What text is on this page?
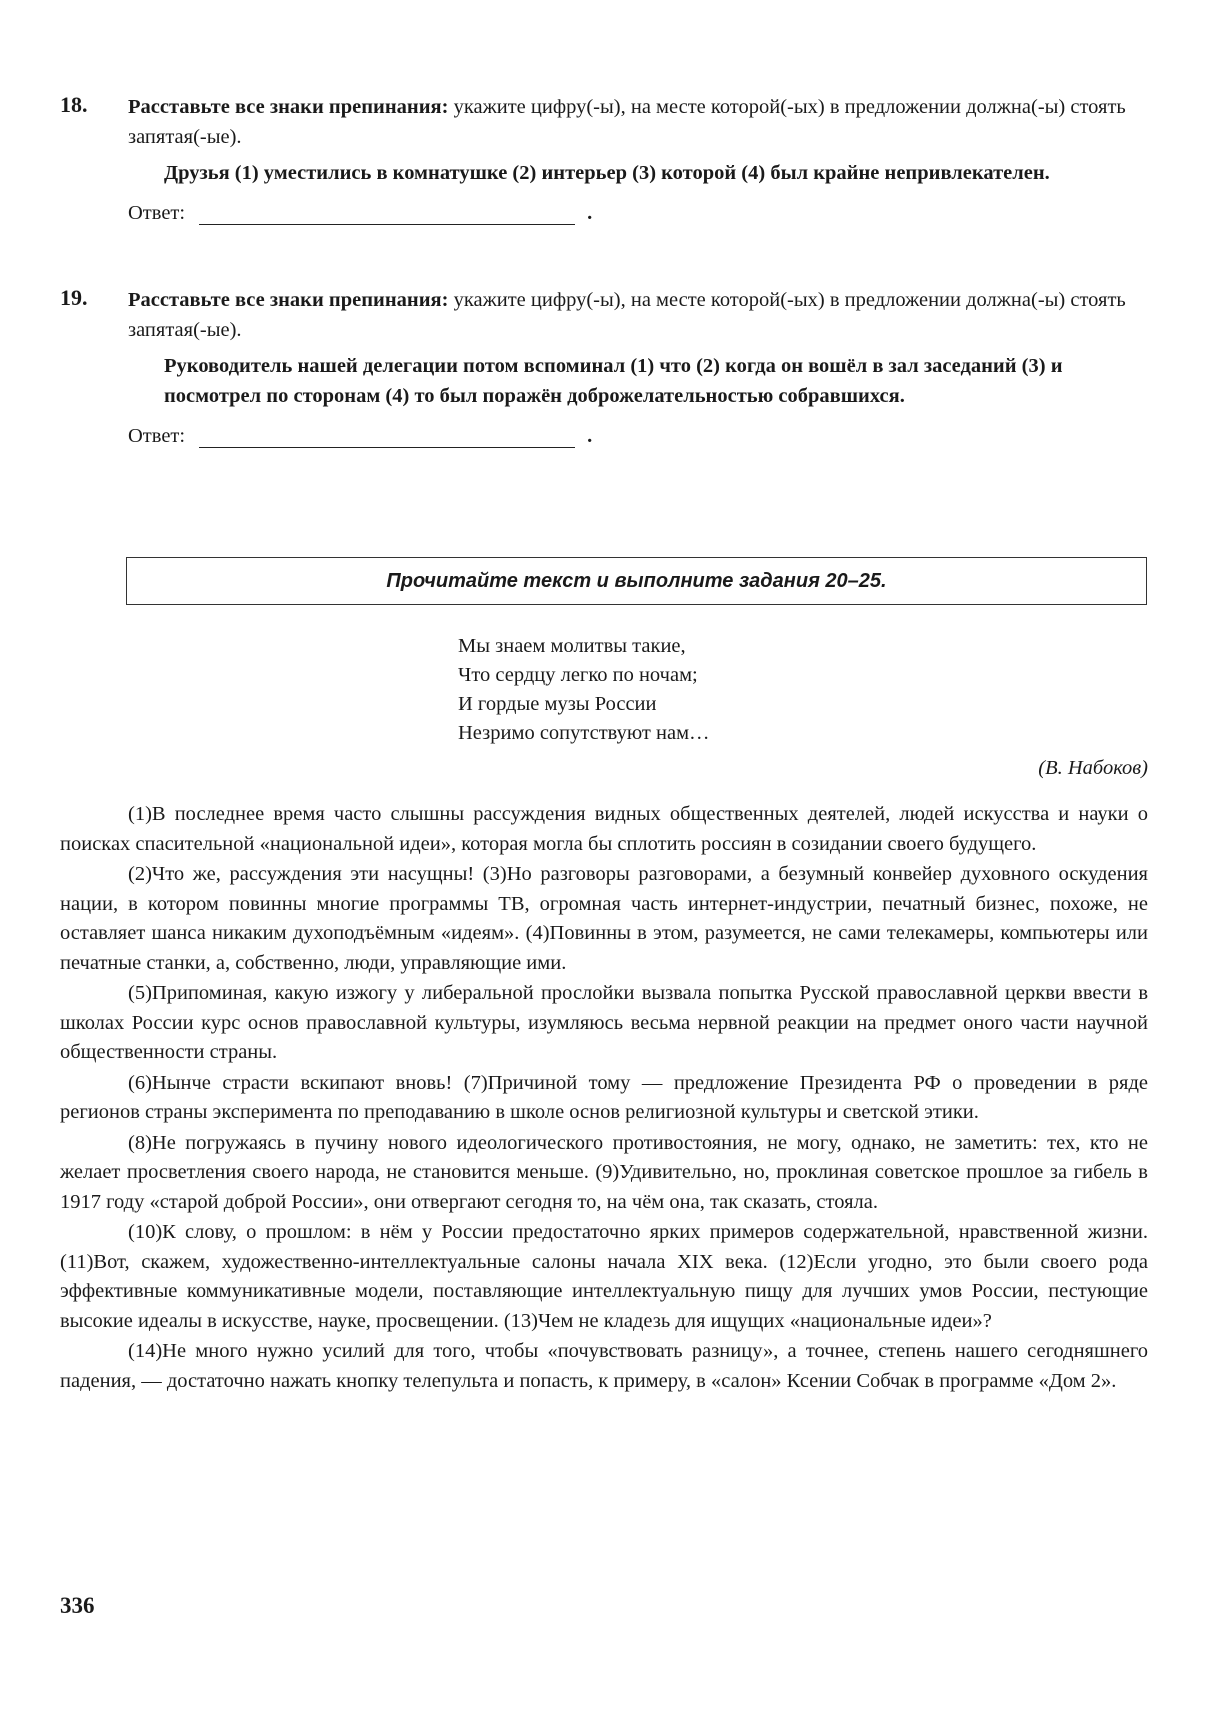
18. Расставьте все знаки препинания: укажите цифру(-ы), на месте которой(-ых) в предложении должна(-ы) стоять запятая(-ые).
Друзья (1) уместились в комнатушке (2) интерьер (3) которой (4) был крайне непривлекателен.
Ответ:	.
19. Расставьте все знаки препинания: укажите цифру(-ы), на месте которой(-ых) в предложении должна(-ы) стоять запятая(-ые).
Руководитель нашей делегации потом вспоминал (1) что (2) когда он вошёл в зал заседаний (3) и посмотрел по сторонам (4) то был поражён доброжелательностью собравшихся.
Ответ:	.
Прочитайте текст и выполните задания 20–25.
Мы знаем молитвы такие,
Что сердцу легко по ночам;
И гордые музы России
Незримо сопутствуют нам…
(В. Набоков)

(1)В последнее время часто слышны рассуждения видных общественных деятелей, людей искусства и науки о поисках спасительной «национальной идеи», которая могла бы сплотить россиян в созидании своего будущего.

(2)Что же, рассуждения эти насущны! (3)Но разговоры разговорами, а безумный конвейер духовного оскудения нации, в котором повинны многие программы ТВ, огромная часть интернет-индустрии, печатный бизнес, похоже, не оставляет шанса никаким духоподъёмным «идеям». (4)Повинны в этом, разумеется, не сами телекамеры, компьютеры или печатные станки, а, собственно, люди, управляющие ими.

(5)Припоминая, какую изжогу у либеральной прослойки вызвала попытка Русской православной церкви ввести в школах России курс основ православной культуры, изумляюсь весьма нервной реакции на предмет оного части научной общественности страны.

(6)Нынче страсти вскипают вновь! (7)Причиной тому — предложение Президента РФ о проведении в ряде регионов страны эксперимента по преподаванию в школе основ религиозной культуры и светской этики.

(8)Не погружаясь в пучину нового идеологического противостояния, не могу, однако, не заметить: тех, кто не желает просветления своего народа, не становится меньше. (9)Удивительно, но, проклиная советское прошлое за гибель в 1917 году «старой доброй России», они отвергают сегодня то, на чём она, так сказать, стояла.

(10)К слову, о прошлом: в нём у России предостаточно ярких примеров содержательной, нравственной жизни. (11)Вот, скажем, художественно-интеллектуальные салоны начала XIX века. (12)Если угодно, это были своего рода эффективные коммуникативные модели, поставляющие интеллектуальную пищу для лучших умов России, пестующие высокие идеалы в искусстве, науке, просвещении. (13)Чем не кладезь для ищущих «национальные идеи»?

(14)Не много нужно усилий для того, чтобы «почувствовать разницу», а точнее, степень нашего сегодняшнего падения, — достаточно нажать кнопку телепульта и попасть, к примеру, в «салон» Ксении Собчак в программе «Дом 2».

336
